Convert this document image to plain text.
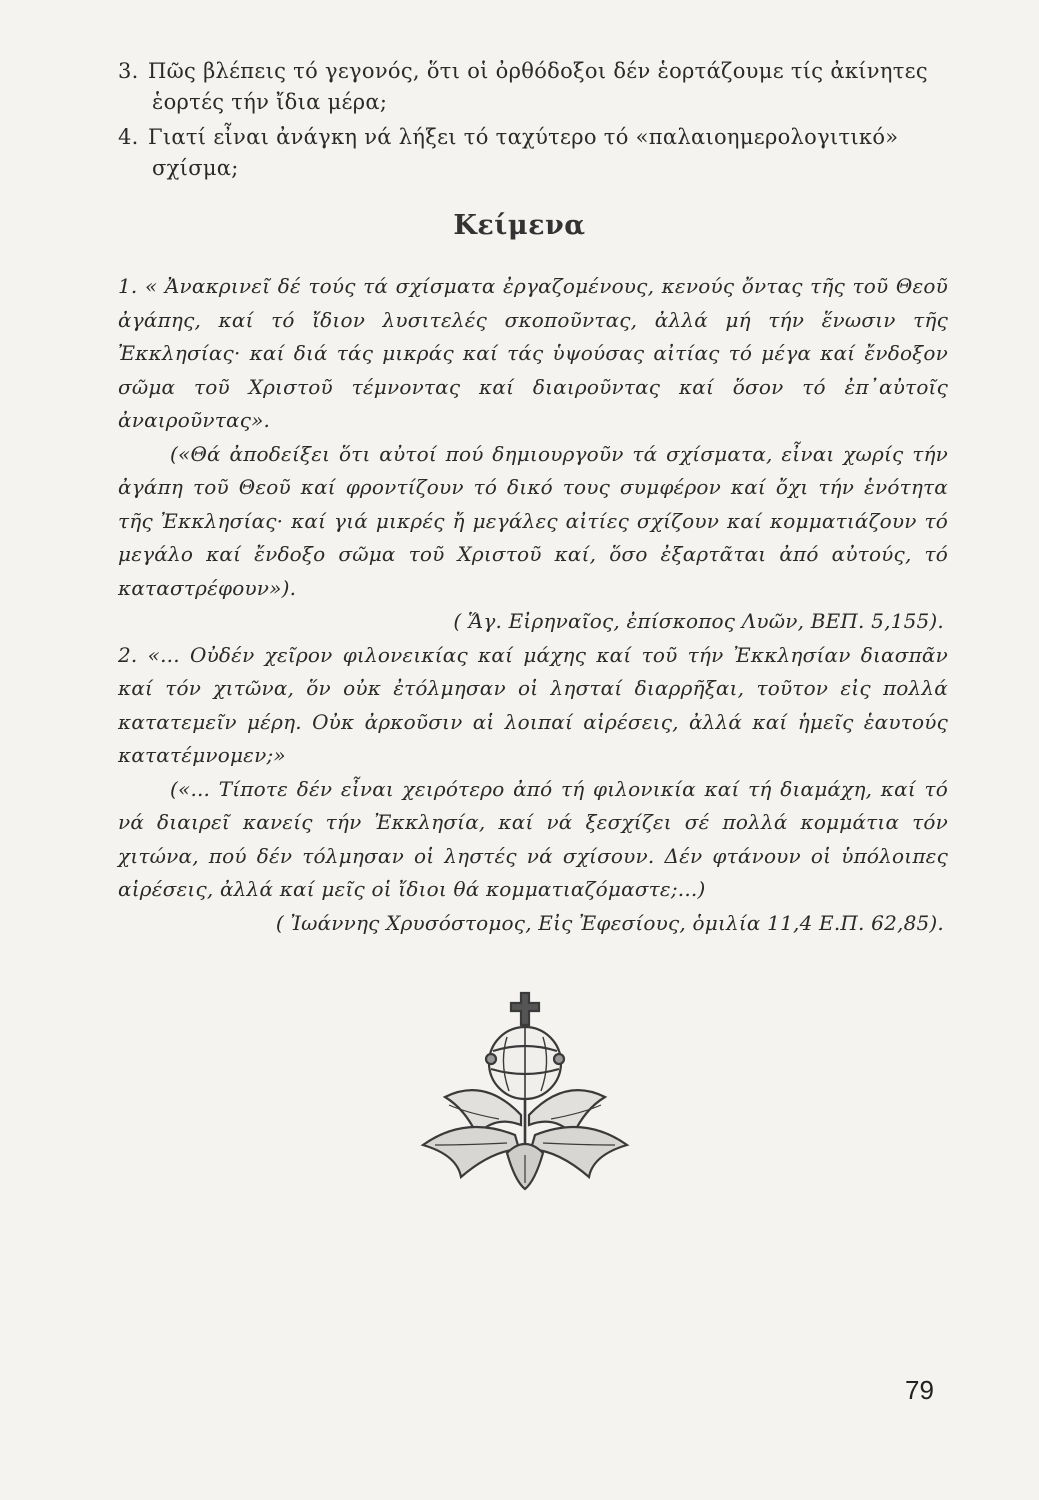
3. Πῶς βλέπεις τό γεγονός, ὅτι οἱ ὀρθόδοξοι δέν ἑορτάζουμε τίς ἀκίνητες
ἑορτές τήν ἴδια μέρα;
4. Γιατί εἶναι ἀνάγκη νά λήξει τό ταχύτερο τό «παλαιοημερολογιτικό»
σχίσμα;
Κείμενα

1. « Ἀνακρινεῖ δέ τούς τά σχίσματα ἐργαζομένους, κενούς ὄντας τῆς τοῦ Θεοῦ ἀγάπης, καί τό ἴδιον λυσιτελές σκοποῦντας, ἀλλά μή τήν ἕνωσιν τῆς Ἐκκλησίας· καί διά τάς μικράς καί τάς ὑψούσας αἰτίας τό μέγα καί ἔνδοξον σῶμα τοῦ Χριστοῦ τέμνοντας καί διαιροῦντας καί ὅσον τό ἐπ᾽αὐτοῖς ἀναιροῦντας».

(«Θά ἀποδείξει ὅτι αὐτοί πού δημιουργοῦν τά σχίσματα, εἶναι χωρίς τήν ἀγάπη τοῦ Θεοῦ καί φροντίζουν τό δικό τους συμφέρον καί ὄχι τήν ἑνότητα τῆς Ἐκκλησίας· καί γιά μικρές ἤ μεγάλες αἰτίες σχίζουν καί κομματιάζουν τό μεγάλο καί ἔνδοξο σῶμα τοῦ Χριστοῦ καί, ὅσο ἐξαρτᾶται ἀπό αὐτούς, τό καταστρέφουν»).

( Ἅγ. Εἰρηναῖος, ἐπίσκοπος Λυῶν, ΒΕΠ. 5,155).

2. «... Οὐδέν χεῖρον φιλονεικίας καί μάχης καί τοῦ τήν Ἐκκλησίαν διασπᾶν καί τόν χιτῶνα, ὅν οὐκ ἐτόλμησαν οἱ λησταί διαρρῆξαι, τοῦτον εἰς πολλά κατατεμεῖν μέρη. Οὐκ ἀρκοῦσιν αἱ λοιπαί αἱρέσεις, ἀλλά καί ἡμεῖς ἑαυτούς κατατέμνομεν;»

(«... Τίποτε δέν εἶναι χειρότερο ἀπό τή φιλονικία καί τή διαμάχη, καί τό νά διαιρεῖ κανείς τήν Ἐκκλησία, καί νά ξεσχίζει σέ πολλά κομμάτια τόν χιτώνα, πού δέν τόλμησαν οἱ ληστές νά σχίσουν. Δέν φτάνουν οἱ ὑπόλοιπες αἱρέσεις, ἀλλά καί μεῖς οἱ ἴδιοι θά κομματιαζόμαστε;...)

( Ἰωάννης Χρυσόστομος, Εἰς Ἐφεσίους, ὁμιλία 11,4 Ε.Π. 62,85).

79
